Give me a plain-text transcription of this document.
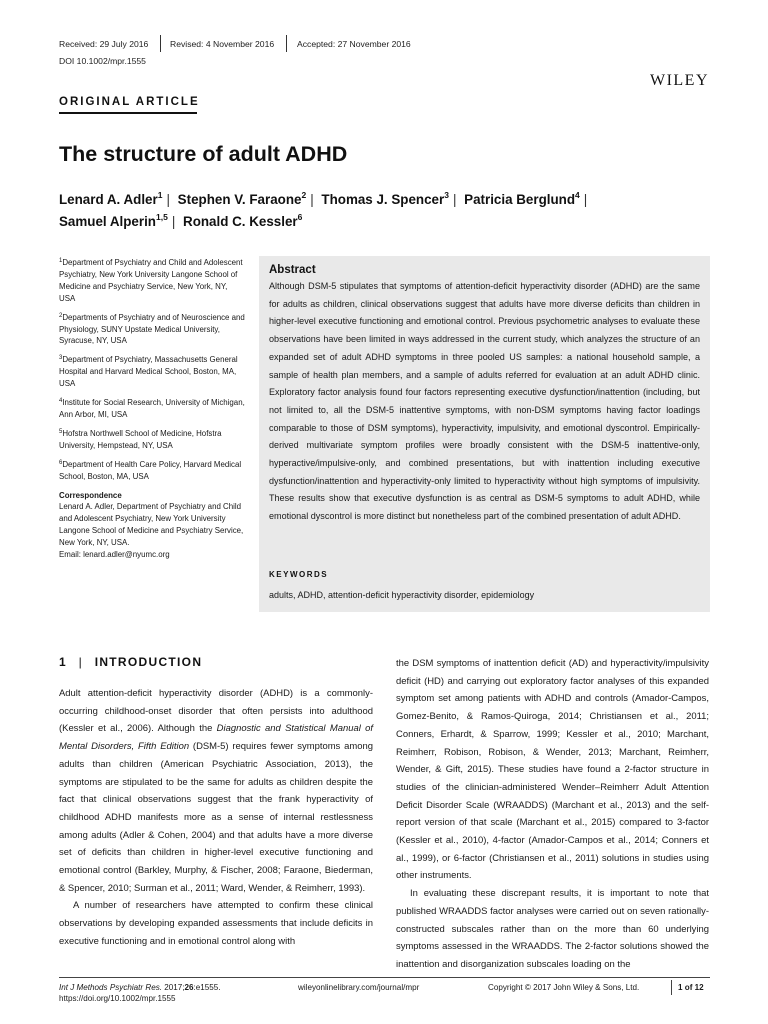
Received: 29 July 2016	Revised: 4 November 2016	Accepted: 27 November 2016
DOI 10.1002/mpr.1555
WILEY
ORIGINAL ARTICLE
The structure of adult ADHD
Lenard A. Adler$^1$ | Stephen V. Faraone$^2$ | Thomas J. Spencer$^3$ | Patricia Berglund$^4$ |
Samuel Alperin$^{1,5}$ | Ronald C. Kessler$^6$
$^1$Department of Psychiatry and Child and Adolescent Psychiatry, New York University Langone School of Medicine and Psychiatry Service, New York, NY, USA
$^2$Departments of Psychiatry and of Neuroscience and Physiology, SUNY Upstate Medical University, Syracuse, NY, USA
$^3$Department of Psychiatry, Massachusetts General Hospital and Harvard Medical School, Boston, MA, USA
$^4$Institute for Social Research, University of Michigan, Ann Arbor, MI, USA
$^5$Hofstra Northwell School of Medicine, Hofstra University, Hempstead, NY, USA
$^6$Department of Health Care Policy, Harvard Medical School, Boston, MA, USA
Correspondence
Lenard A. Adler, Department of Psychiatry and Child and Adolescent Psychiatry, New York University Langone School of Medicine and Psychiatry Service, New York, NY, USA.
Email: lenard.adler@nyumc.org
Abstract
Although DSM-5 stipulates that symptoms of attention-deficit hyperactivity disorder (ADHD) are the same for adults as children, clinical observations suggest that adults have more diverse deficits than children in higher-level executive functioning and emotional control. Previous psychometric analyses to evaluate these observations have been limited in ways addressed in the current study, which analyzes the structure of an expanded set of adult ADHD symptoms in three pooled US samples: a national household sample, a sample of health plan members, and a sample of adults referred for evaluation at an adult ADHD clinic. Exploratory factor analysis found four factors representing executive dysfunction/inattention (including, but not limited to, all the DSM-5 inattentive symptoms, with non-DSM symptoms having factor loadings comparable to those of DSM symptoms), hyperactivity, impulsivity, and emotional dyscontrol. Empirically-derived multivariate symptom profiles were broadly consistent with the DSM-5 inattentive-only, hyperactive/impulsive-only, and combined presentations, but with inattention including executive dysfunction/inattention and hyperactivity-only limited to hyperactivity without high symptoms of impulsivity. These results show that executive dysfunction is as central as DSM-5 symptoms to adult ADHD, while emotional dyscontrol is more distinct but nonetheless part of the combined presentation of adult ADHD.
KEYWORDS
adults, ADHD, attention-deficit hyperactivity disorder, epidemiology
1 | INTRODUCTION

Adult attention-deficit hyperactivity disorder (ADHD) is a commonly-occurring childhood-onset disorder that often persists into adulthood (Kessler et al., 2006). Although the Diagnostic and Statistical Manual of Mental Disorders, Fifth Edition (DSM-5) requires fewer symptoms among adults than children (American Psychiatric Association, 2013), the symptoms are stipulated to be the same for adults as children despite the fact that clinical observations suggest that the frank hyperactivity of childhood ADHD manifests more as a sense of internal restlessness among adults (Adler & Cohen, 2004) and that adults have a more diverse set of deficits than children in higher-level executive functioning and emotional control (Barkley, Murphy, & Fischer, 2008; Faraone, Biederman, & Spencer, 2010; Surman et al., 2011; Ward, Wender, & Reimherr, 1993).

A number of researchers have attempted to confirm these clinical observations by developing expanded assessments that include deficits in executive functioning and in emotional control along with

the DSM symptoms of inattention deficit (AD) and hyperactivity/impulsivity deficit (HD) and carrying out exploratory factor analyses of this expanded symptom set among patients with ADHD and controls (Amador-Campos, Gomez-Benito, & Ramos-Quiroga, 2014; Christiansen et al., 2011; Conners, Erhardt, & Sparrow, 1999; Kessler et al., 2010; Marchant, Reimherr, Robison, Robison, & Wender, 2013; Marchant, Reimherr, Wender, & Gift, 2015). These studies have found a 2-factor structure in studies of the clinician-administered Wender–Reimherr Adult Attention Deficit Disorder Scale (WRAADDS) (Marchant et al., 2013) and the self-report version of that scale (Marchant et al., 2015) compared to 3-factor (Kessler et al., 2010), 4-factor (Amador-Campos et al., 2014; Conners et al., 1999), or 6-factor (Christiansen et al., 2011) solutions in studies using other instruments.

In evaluating these discrepant results, it is important to note that published WRAADDS factor analyses were carried out on seven rationally-constructed subscales rather than on the more than 60 underlying symptoms assessed in the WRAADDS. The 2-factor solutions showed the inattention and disorganization subscales loading on the

Int J Methods Psychiatr Res. 2017;26:e1555.
https://doi.org/10.1002/mpr.1555
wileyonlinelibrary.com/journal/mpr	Copyright © 2017 John Wiley & Sons, Ltd.	1 of 12
